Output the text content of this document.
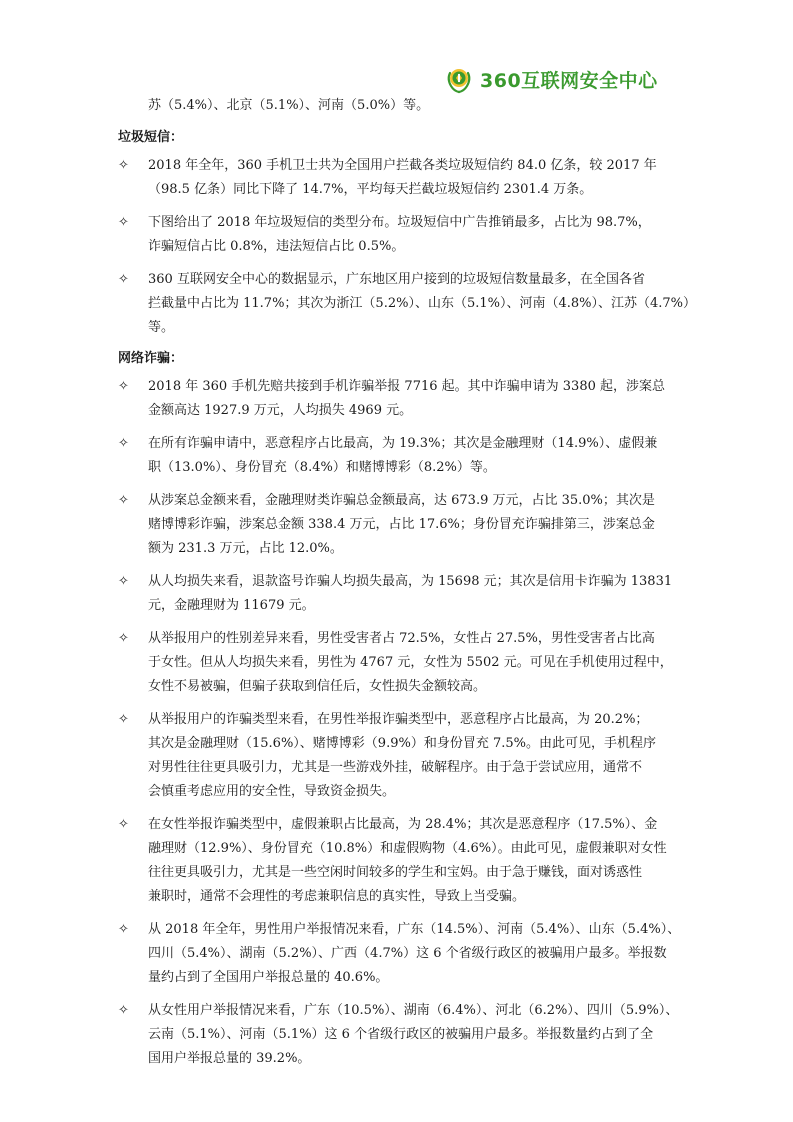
360互联网安全中心

苏（5.4%）、北京（5.1%）、河南（5.0%）等。

垃圾短信：

✧	2018 年全年，360 手机卫士共为全国用户拦截各类垃圾短信约 84.0 亿条，较 2017 年
（98.5 亿条）同比下降了 14.7%，平均每天拦截垃圾短信约 2301.4 万条。
✧	下图给出了 2018 年垃圾短信的类型分布。垃圾短信中广告推销最多，占比为 98.7%，
诈骗短信占比 0.8%，违法短信占比 0.5%。
✧	360 互联网安全中心的数据显示，广东地区用户接到的垃圾短信数量最多，在全国各省
拦截量中占比为 11.7%；其次为浙江（5.2%）、山东（5.1%）、河南（4.8%）、江苏（4.7%）
等。

网络诈骗：

✧	2018 年 360 手机先赔共接到手机诈骗举报 7716 起。其中诈骗申请为 3380 起，涉案总
金额高达 1927.9 万元，人均损失 4969 元。
✧	在所有诈骗申请中，恶意程序占比最高，为 19.3%；其次是金融理财（14.9%）、虚假兼
职（13.0%）、身份冒充（8.4%）和赌博博彩（8.2%）等。
✧	从涉案总金额来看，金融理财类诈骗总金额最高，达 673.9 万元，占比 35.0%；其次是
赌博博彩诈骗，涉案总金额 338.4 万元，占比 17.6%；身份冒充诈骗排第三，涉案总金
额为 231.3 万元，占比 12.0%。
✧	从人均损失来看，退款盗号诈骗人均损失最高，为 15698 元；其次是信用卡诈骗为 13831
元，金融理财为 11679 元。
✧	从举报用户的性别差异来看，男性受害者占 72.5%，女性占 27.5%，男性受害者占比高
于女性。但从人均损失来看，男性为 4767 元，女性为 5502 元。可见在手机使用过程中，
女性不易被骗，但骗子获取到信任后，女性损失金额较高。
✧	从举报用户的诈骗类型来看，在男性举报诈骗类型中，恶意程序占比最高，为 20.2%；
其次是金融理财（15.6%）、赌博博彩（9.9%）和身份冒充 7.5%。由此可见，手机程序
对男性往往更具吸引力，尤其是一些游戏外挂，破解程序。由于急于尝试应用，通常不
会慎重考虑应用的安全性，导致资金损失。
✧	在女性举报诈骗类型中，虚假兼职占比最高，为 28.4%；其次是恶意程序（17.5%）、金
融理财（12.9%）、身份冒充（10.8%）和虚假购物（4.6%）。由此可见，虚假兼职对女性
往往更具吸引力，尤其是一些空闲时间较多的学生和宝妈。由于急于赚钱，面对诱惑性
兼职时，通常不会理性的考虑兼职信息的真实性，导致上当受骗。
✧	从 2018 年全年，男性用户举报情况来看，广东（14.5%）、河南（5.4%）、山东（5.4%）、
四川（5.4%）、湖南（5.2%）、广西（4.7%）这 6 个省级行政区的被骗用户最多。举报数
量约占到了全国用户举报总量的 40.6%。
✧	从女性用户举报情况来看，广东（10.5%）、湖南（6.4%）、河北（6.2%）、四川（5.9%）、
云南（5.1%）、河南（5.1%）这 6 个省级行政区的被骗用户最多。举报数量约占到了全
国用户举报总量的 39.2%。
